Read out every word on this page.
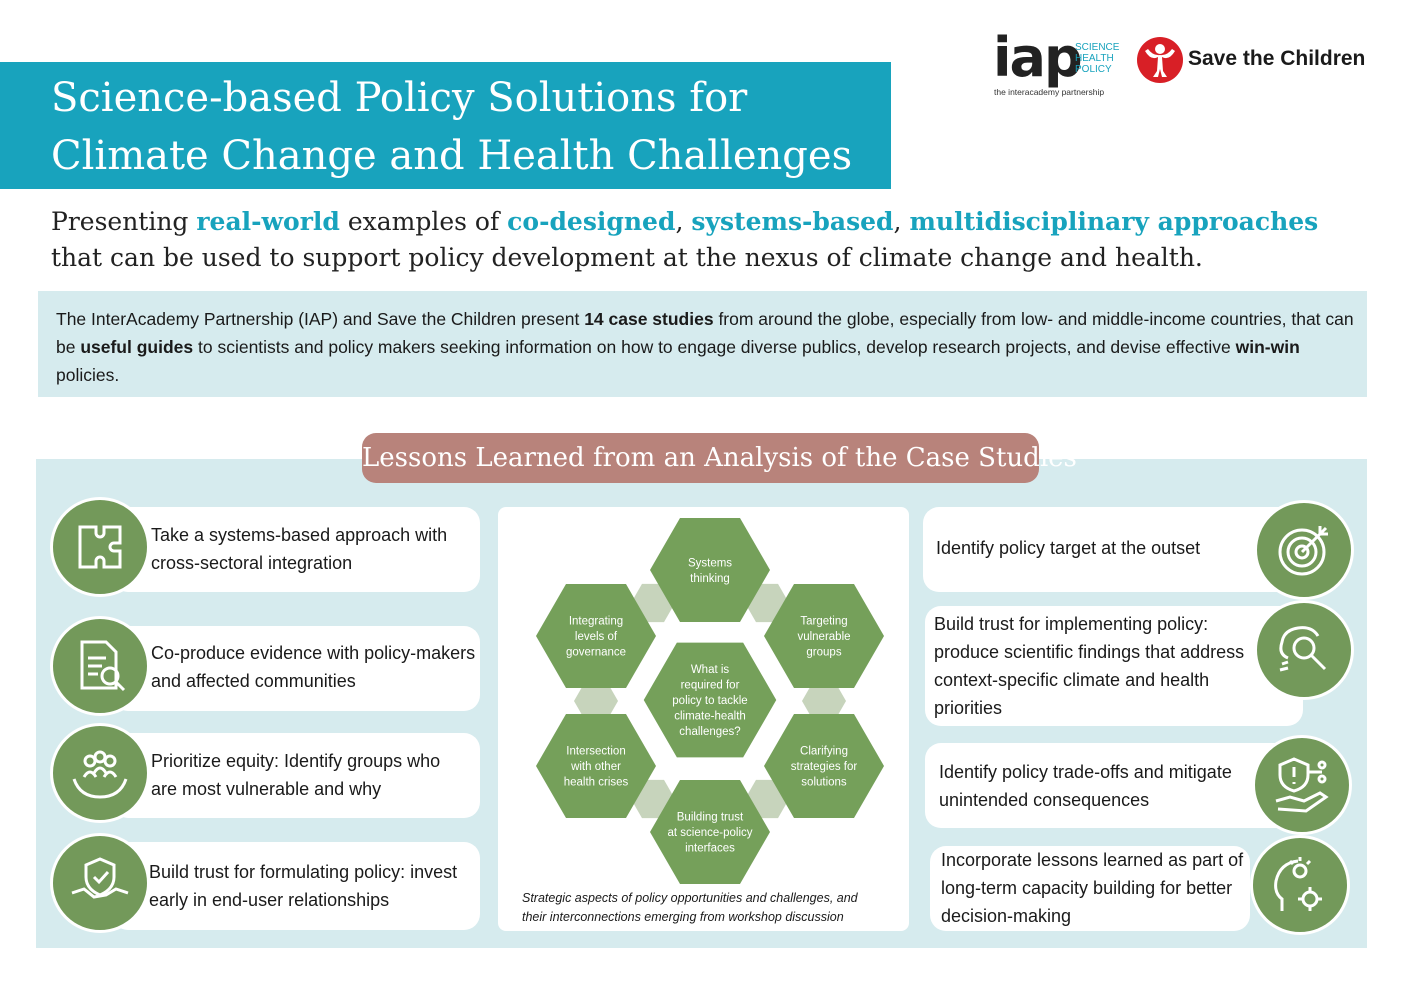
Science-based Policy Solutions for
Climate Change and Health Challenges
iap
SCIENCE
HEALTH
POLICY
the interacademy partnership
Save the Children
Presenting real-world examples of co-designed, systems-based, multidisciplinary approaches that can be used to support policy development at the nexus of climate change and health.
The InterAcademy Partnership (IAP) and Save the Children present 14 case studies from around the globe, especially from low- and middle-income countries, that can be useful guides to scientists and policy makers seeking information on how to engage diverse publics, develop research projects, and devise effective win-win policies.
Lessons Learned from an Analysis of the Case Studies
Take a systems-based approach with
cross-sectoral integration
Co-produce evidence with policy-makers
and affected communities
Prioritize equity: Identify groups who
are most vulnerable and why
Build trust for formulating policy: invest
early in end-user relationships
Identify policy target at the outset
Build trust for implementing policy:
produce scientific findings that address
context-specific climate and health
priorities
Identify policy trade-offs and mitigate
unintended consequences
Incorporate lessons learned as part of
long-term capacity building for better
decision-making
Systems
thinking
Targeting
vulnerable
groups
Clarifying
strategies for
solutions
Building trust
at science-policy
interfaces
Intersection
with other
health crises
Integrating
levels of
governance
What is
required for
policy to tackle
climate-health
challenges?
Strategic aspects of policy opportunities and challenges, and
their interconnections emerging from workshop discussion
